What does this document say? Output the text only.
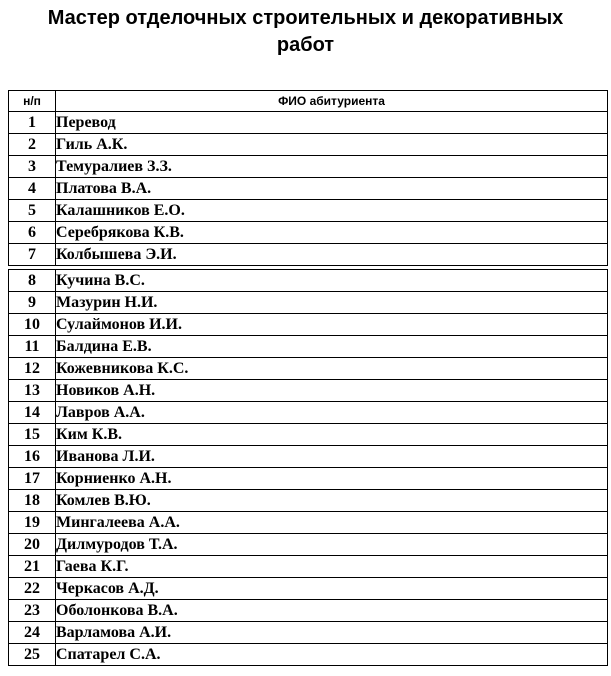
Мастер отделочных строительных и декоративных работ
н/п	ФИО абитуриента
1	Перевод
2	Гиль А.К.
3	Темуралиев З.З.
4	Платова В.А.
5	Калашников Е.О.
6	Серебрякова К.В.
7	Колбышева Э.И.
8	Кучина В.С.
9	Мазурин Н.И.
10	Сулаймонов И.И.
11	Балдина Е.В.
12	Кожевникова К.С.
13	Новиков А.Н.
14	Лавров А.А.
15	Ким К.В.
16	Иванова Л.И.
17	Корниенко А.Н.
18	Комлев В.Ю.
19	Мингалеева А.А.
20	Дилмуродов Т.А.
21	Гаева К.Г.
22	Черкасов А.Д.
23	Оболонкова В.А.
24	Варламова А.И.
25	Спатарел С.А.
